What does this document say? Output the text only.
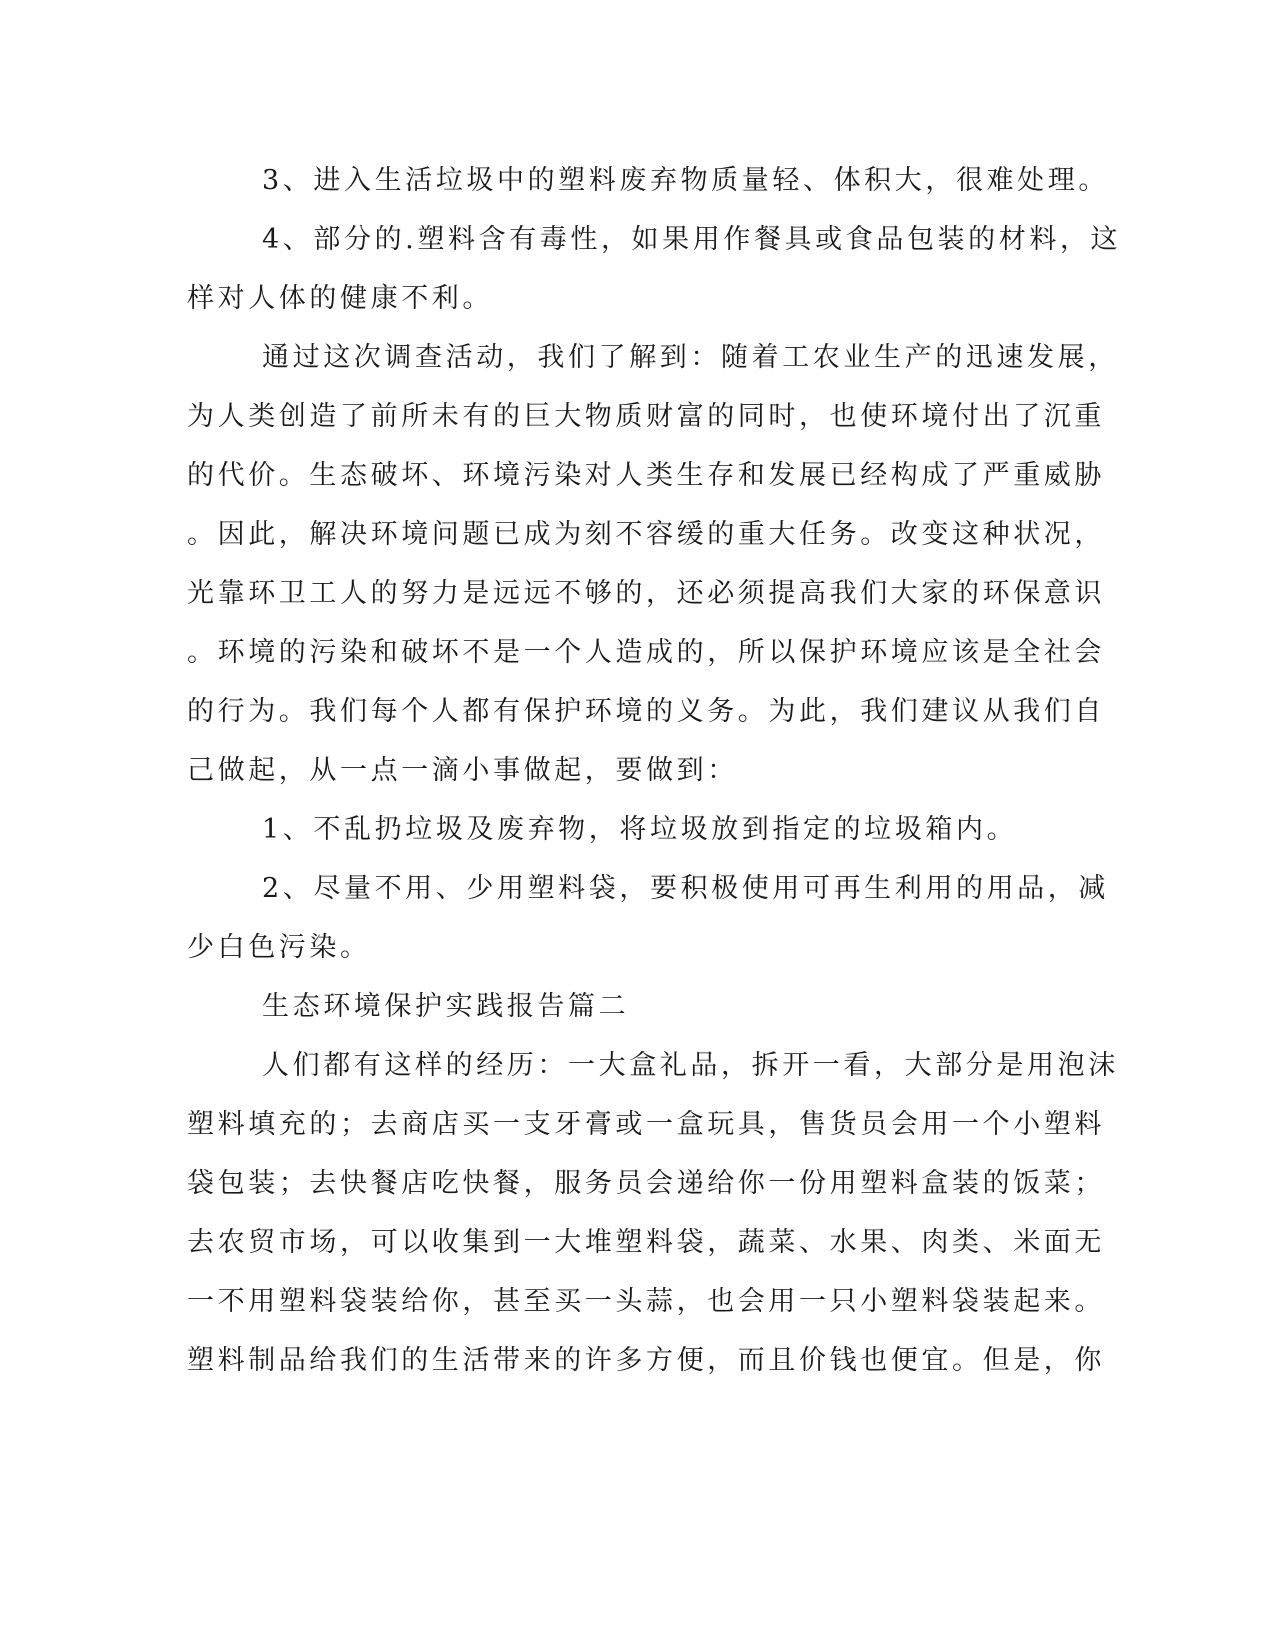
3、进入生活垃圾中的塑料废弃物质量轻、体积大，很难处理。
4、部分的.塑料含有毒性，如果用作餐具或食品包装的材料，这
样对人体的健康不利。
通过这次调查活动，我们了解到：随着工农业生产的迅速发展，
为人类创造了前所未有的巨大物质财富的同时，也使环境付出了沉重
的代价。生态破坏、环境污染对人类生存和发展已经构成了严重威胁
。因此，解决环境问题已成为刻不容缓的重大任务。改变这种状况，
光靠环卫工人的努力是远远不够的，还必须提高我们大家的环保意识
。环境的污染和破坏不是一个人造成的，所以保护环境应该是全社会
的行为。我们每个人都有保护环境的义务。为此，我们建议从我们自
己做起，从一点一滴小事做起，要做到：
1、不乱扔垃圾及废弃物，将垃圾放到指定的垃圾箱内。
2、尽量不用、少用塑料袋，要积极使用可再生利用的用品，减
少白色污染。
生态环境保护实践报告篇二
人们都有这样的经历：一大盒礼品，拆开一看，大部分是用泡沫
塑料填充的；去商店买一支牙膏或一盒玩具，售货员会用一个小塑料
袋包装；去快餐店吃快餐，服务员会递给你一份用塑料盒装的饭菜；
去农贸市场，可以收集到一大堆塑料袋，蔬菜、水果、肉类、米面无
一不用塑料袋装给你，甚至买一头蒜，也会用一只小塑料袋装起来。
塑料制品给我们的生活带来的许多方便，而且价钱也便宜。但是，你
